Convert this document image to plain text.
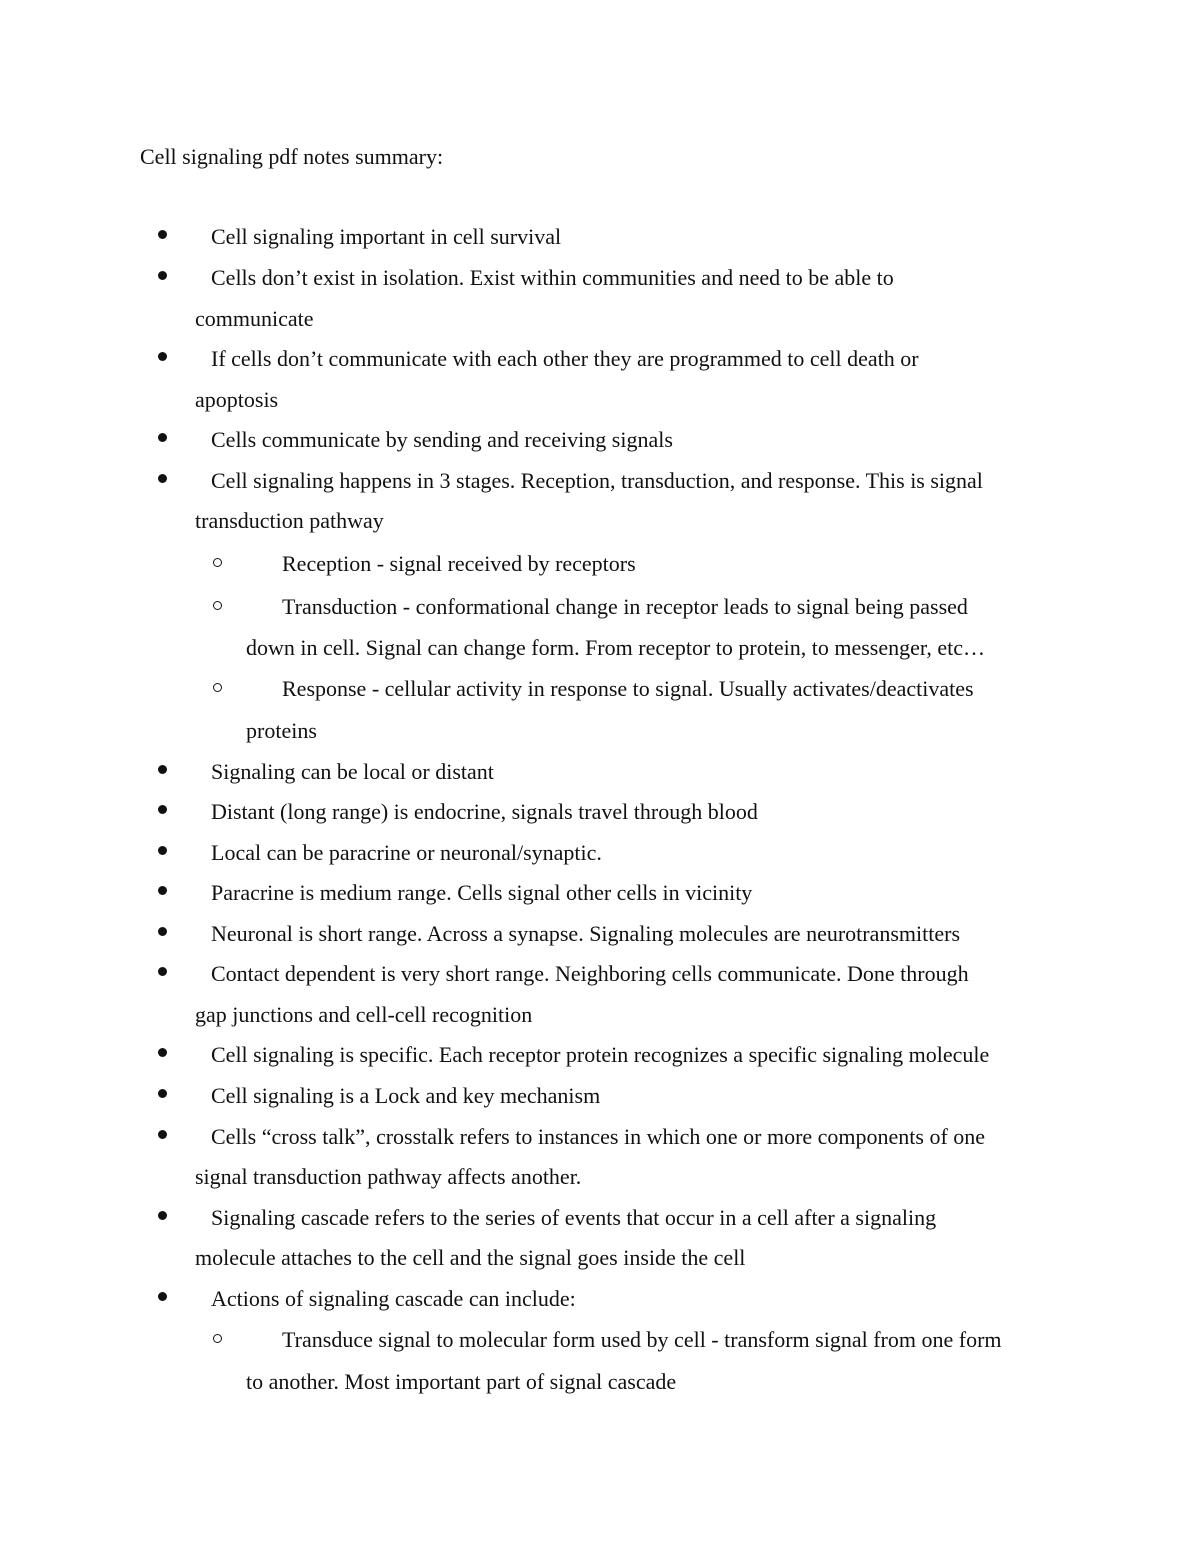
Cell signaling pdf notes summary:
Cell signaling important in cell survival
Cells don’t exist in isolation. Exist within communities and need to be able to
communicate
If cells don’t communicate with each other they are programmed to cell death or
apoptosis
Cells communicate by sending and receiving signals
Cell signaling happens in 3 stages. Reception, transduction, and response. This is signal
transduction pathway
Reception - signal received by receptors
Transduction - conformational change in receptor leads to signal being passed
down in cell. Signal can change form. From receptor to protein, to messenger, etc…
Response - cellular activity in response to signal. Usually activates/deactivates
proteins
Signaling can be local or distant
Distant (long range) is endocrine, signals travel through blood
Local can be paracrine or neuronal/synaptic.
Paracrine is medium range. Cells signal other cells in vicinity
Neuronal is short range. Across a synapse. Signaling molecules are neurotransmitters
Contact dependent is very short range. Neighboring cells communicate. Done through
gap junctions and cell-cell recognition
Cell signaling is specific. Each receptor protein recognizes a specific signaling molecule
Cell signaling is a Lock and key mechanism
Cells “cross talk”, crosstalk refers to instances in which one or more components of one
signal transduction pathway affects another.
Signaling cascade refers to the series of events that occur in a cell after a signaling
molecule attaches to the cell and the signal goes inside the cell
Actions of signaling cascade can include:
Transduce signal to molecular form used by cell - transform signal from one form
to another. Most important part of signal cascade
